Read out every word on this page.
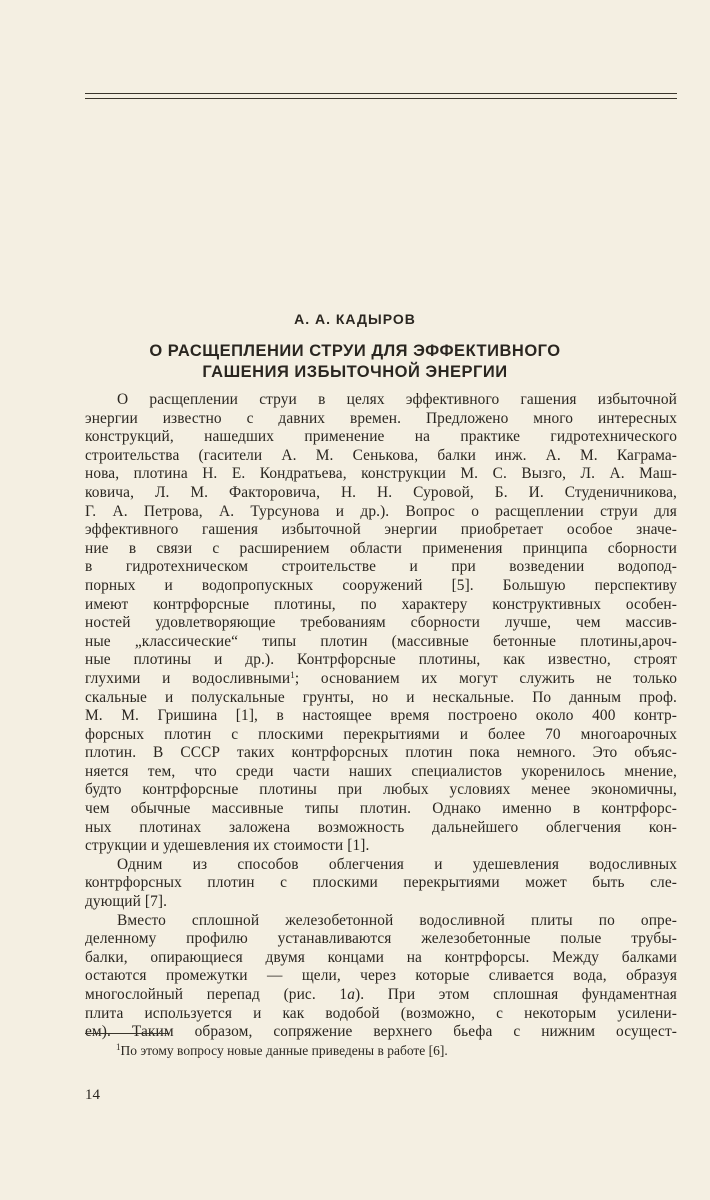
А. А. КАДЫРОВ
О РАСЩЕПЛЕНИИ СТРУИ ДЛЯ ЭФФЕКТИВНОГО
ГАШЕНИЯ ИЗБЫТОЧНОЙ ЭНЕРГИИ
О расщеплении струи в целях эффективного гашения избыточной
энергии известно с давних времен. Предложено много интересных
конструкций, нашедших применение на практике гидротехнического
строительства (гасители А. М. Сенькова, балки инж. А. М. Каграма-
нова, плотина Н. Е. Кондратьева, конструкции М. С. Вызго, Л. А. Маш-
ковича, Л. М. Факторовича, Н. Н. Суровой, Б. И. Студеничникова,
Г. А. Петрова, А. Турсунова и др.). Вопрос о расщеплении струи для
эффективного гашения избыточной энергии приобретает особое значе-
ние в связи с расширением области применения принципа сборности
в гидротехническом строительстве и при возведении водопод-
порных и водопропускных сооружений [5]. Большую перспективу
имеют контрфорсные плотины, по характеру конструктивных особен-
ностей удовлетворяющие требованиям сборности лучше, чем массив-
ные „классические“ типы плотин (массивные бетонные плотины,ароч-
ные плотины и др.). Контрфорсные плотины, как известно, строят
глухими и водосливными$^1$; основанием их могут служить не только
скальные и полускальные грунты, но и нескальные. По данным проф.
М. М. Гришина [1], в настоящее время построено около 400 контр-
форсных плотин с плоскими перекрытиями и более 70 многоарочных
плотин. В СССР таких контрфорсных плотин пока немного. Это объяс-
няется тем, что среди части наших специалистов укоренилось мнение,
будто контрфорсные плотины при любых условиях менее экономичны,
чем обычные массивные типы плотин. Однако именно в контрфорс-
ных плотинах заложена возможность дальнейшего облегчения кон-
струкции и удешевления их стоимости [1].
Одним из способов облегчения и удешевления водосливных
контрфорсных плотин с плоскими перекрытиями может быть сле-
дующий [7].
Вместо сплошной железобетонной водосливной плиты по опре-
деленному профилю устанавливаются железобетонные полые трубы-
балки, опирающиеся двумя концами на контрфорсы. Между балками
остаются промежутки — щели, через которые сливается вода, образуя
многослойный перепад (рис. 1а). При этом сплошная фундаментная
плита используется и как водобой (возможно, с некоторым усилени-
ем). Таким образом, сопряжение верхнего бьефа с нижним осущест-
$^1$По этому вопросу новые данные приведены в работе [6].
14
